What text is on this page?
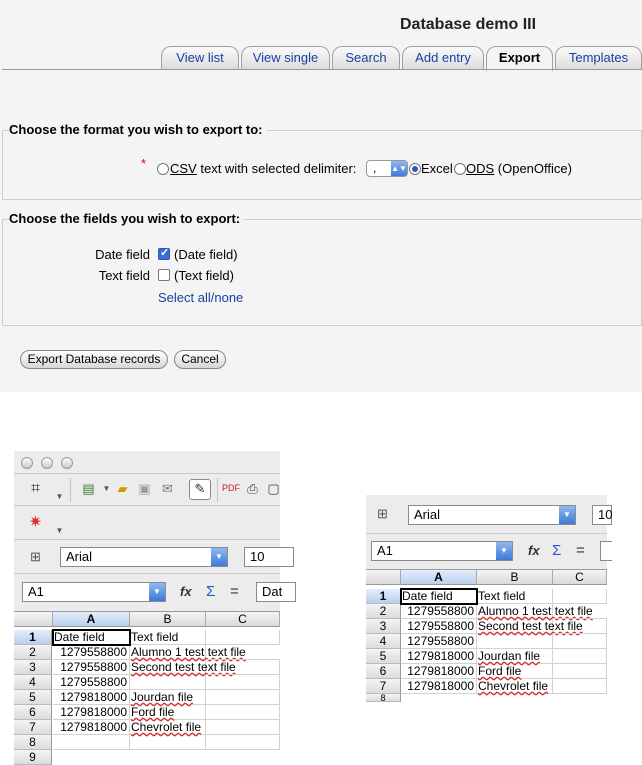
Database demo III
View list	View single	Search	Add entry	Export	Templates
Choose the format you wish to export to:
* CSV text with selected delimiter:	, ▲▼ Excel ODS (OpenOffice)
Choose the fields you wish to export:
Date field
✓ (Date field)
Text field (Text field)
Select all/none
Export Database records	Cancel
⌗	▼
▤ ▼ ▰ ▣ ✉	✎	PDF ⎙ ▢
✷	▼
⊞	Arial	▼	10
A1	▼	fx Σ =	Dat
A	B	C
1
2
3
4
5
6
7
8
9
Date field	Text field
1279558800 Alumno 1 test text file
1279558800 Second test text file
1279558800
1279818000 Jourdan file
1279818000 Ford file
1279818000 Chevrolet file
⊞	Arial	▼	10
A1	▼	fx Σ =
A	B	C
1
2
3
4
5
6
7
8
Date field	Text field
1279558800 Alumno 1 test text file
1279558800 Second test text file
1279558800
1279818000 Jourdan file
1279818000 Ford file
1279818000 Chevrolet file
